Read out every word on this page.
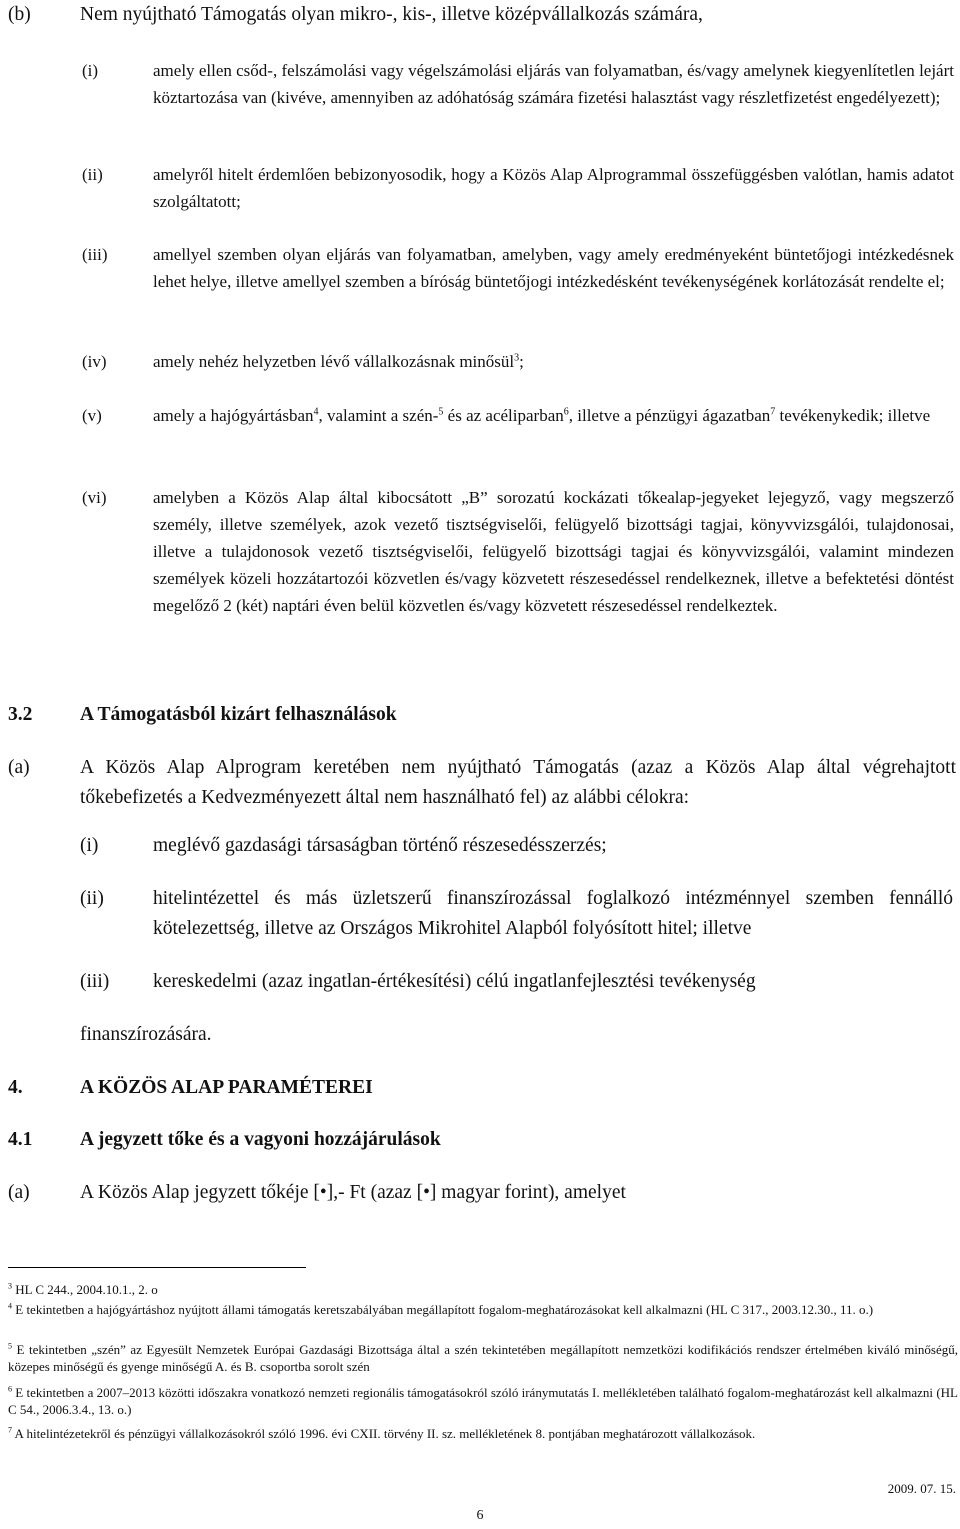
(b)	Nem nyújtható Támogatás olyan mikro-, kis-, illetve középvállalkozás számára,
(i)	amely ellen csőd-, felszámolási vagy végelszámolási eljárás van folyamatban, és/vagy amelynek kiegyenlítetlen lejárt köztartozása van (kivéve, amennyiben az adóhatóság számára fizetési halasztást vagy részletfizetést engedélyezett);
(ii)	amelyről hitelt érdemlően bebizonyosodik, hogy a Közös Alap Alprogrammal összefüggésben valótlan, hamis adatot szolgáltatott;
(iii)	amellyel szemben olyan eljárás van folyamatban, amelyben, vagy amely eredményeként büntetőjogi intézkedésnek lehet helye, illetve amellyel szemben a bíróság büntetőjogi intézkedésként tevékenységének korlátozását rendelte el;
(iv)	amely nehéz helyzetben lévő vállalkozásnak minősül$^3$;
(v)	amely a hajógyártásban$^4$, valamint a szén-$^5$ és az acéliparban$^6$, illetve a pénzügyi ágazatban$^7$ tevékenykedik; illetve
(vi)	amelyben a Közös Alap által kibocsátott „B” sorozatú kockázati tőkealap-jegyeket lejegyző, vagy megszerző személy, illetve személyek, azok vezető tisztségviselői, felügyelő bizottsági tagjai, könyvvizsgálói, tulajdonosai, illetve a tulajdonosok vezető tisztségviselői, felügyelő bizottsági tagjai és könyvvizsgálói, valamint mindezen személyek közeli hozzátartozói közvetlen és/vagy közvetett részesedéssel rendelkeznek, illetve a befektetési döntést megelőző 2 (két) naptári éven belül közvetlen és/vagy közvetett részesedéssel rendelkeztek.
3.2 A Támogatásból kizárt felhasználások
(a)	A Közös Alap Alprogram keretében nem nyújtható Támogatás (azaz a Közös Alap által végrehajtott tőkebefizetés a Kedvezményezett által nem használható fel) az alábbi célokra:
(i)	meglévő gazdasági társaságban történő részesedésszerzés;
(ii)	hitelintézettel és más üzletszerű finanszírozással foglalkozó intézménnyel szemben fennálló kötelezettség, illetve az Országos Mikrohitel Alapból folyósított hitel; illetve
(iii) kereskedelmi (azaz ingatlan-értékesítési) célú ingatlanfejlesztési tevékenység
finanszírozására.
4.	A KÖZÖS ALAP PARAMÉTEREI
4.1 A jegyzett tőke és a vagyoni hozzájárulások
(a)	A Közös Alap jegyzett tőkéje [•],- Ft (azaz [•] magyar forint), amelyet
$^3$ HL C 244., 2004.10.1., 2. o
$^4$ E tekintetben a hajógyártáshoz nyújtott állami támogatás keretszabályában megállapított fogalom-meghatározásokat kell alkalmazni (HL C 317., 2003.12.30., 11. o.)
$^5$ E tekintetben „szén” az Egyesült Nemzetek Európai Gazdasági Bizottsága által a szén tekintetében megállapított nemzetközi kodifikációs rendszer értelmében kiváló minőségű, közepes minőségű és gyenge minőségű A. és B. csoportba sorolt szén
$^6$ E tekintetben a 2007–2013 közötti időszakra vonatkozó nemzeti regionális támogatásokról szóló iránymutatás I. mellékletében található fogalom-meghatározást kell alkalmazni (HL C 54., 2006.3.4., 13. o.)
$^7$ A hitelintézetekről és pénzügyi vállalkozásokról szóló 1996. évi CXII. törvény II. sz. mellékletének 8. pontjában meghatározott vállalkozások.
2009. 07. 15.
6
